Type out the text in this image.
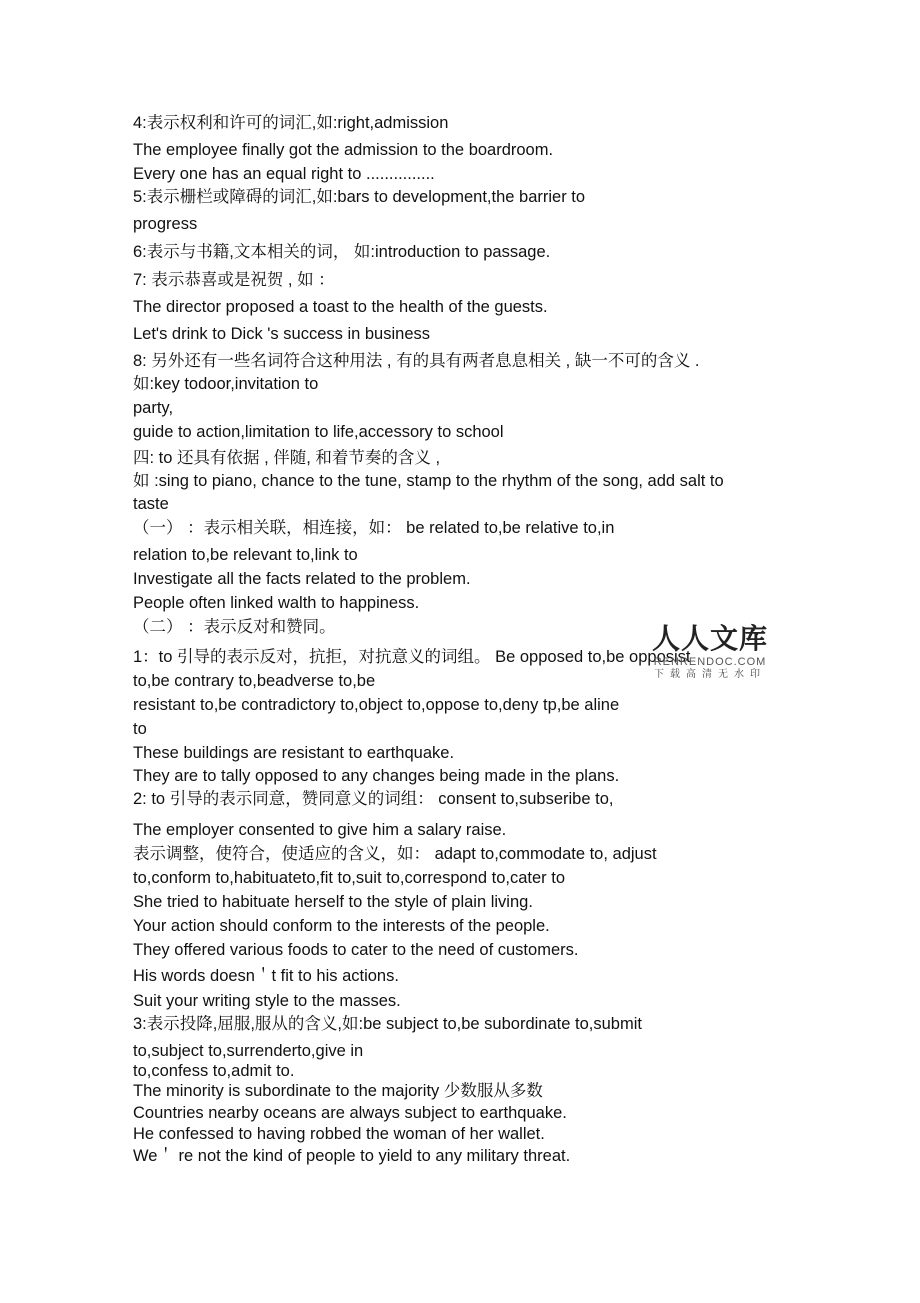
4:表示权利和许可的词汇,如:right,admission
The employee finally got the admission to the boardroom.
Every one has an equal right to ...............
5:表示栅栏或障碍的词汇,如:bars to development,the barrier to
progress
6:表示与书籍,文本相关的词， 如:introduction to passage.
7: 表示恭喜或是祝贺 , 如 ：
The director proposed a toast to the health of the guests.
Let's drink to Dick 's success in business
8: 另外还有一些名词符合这种用法 , 有的具有两者息息相关 , 缺一不可的含义 .
如:key todoor,invitation to
party,
guide to action,limitation to life,accessory to school
四: to 还具有依据 , 伴随, 和着节奏的含义 ,
如 :sing to piano, chance to the tune, stamp to the rhythm of the song, add salt to
taste
（一） ：表示相关联，相连接，如： be related to,be relative to,in
relation to,be relevant to,link to
Investigate all the facts related to the problem.
People often linked walth to happiness.
（二） ：表示反对和赞同。
1：to 引导的表示反对，抗拒，对抗意义的词组。 Be opposed to,be opposist
to,be contrary to,beadverse to,be
resistant to,be contradictory to,object to,oppose to,deny tp,be aline
to
These buildings are resistant to earthquake.
They are to tally opposed to any changes being made in the plans.
2: to 引导的表示同意，赞同意义的词组： consent to,subseribe to,
The employer consented to give him a salary raise.
表示调整，使符合，使适应的含义，如： adapt to,commodate to, adjust
to,conform to,habituateto,fit to,suit to,correspond to,cater to
She tried to habituate herself to the style of plain living.
Your action should conform to the interests of the people.
They offered various foods to cater to the need of customers.
His words doesn＇t fit to his actions.
Suit your writing style to the masses.
3:表示投降,屈服,服从的含义,如:be subject to,be subordinate to,submit
to,subject to,surrenderto,give in
to,confess to,admit to.
The minority is subordinate to the majority 少数服从多数
Countries nearby oceans are always subject to earthquake.
He confessed to having robbed the woman of her wallet.
We＇ re not the kind of people to yield to any military threat.
人人文库
RENRENDOC.COM
下载高清无水印
